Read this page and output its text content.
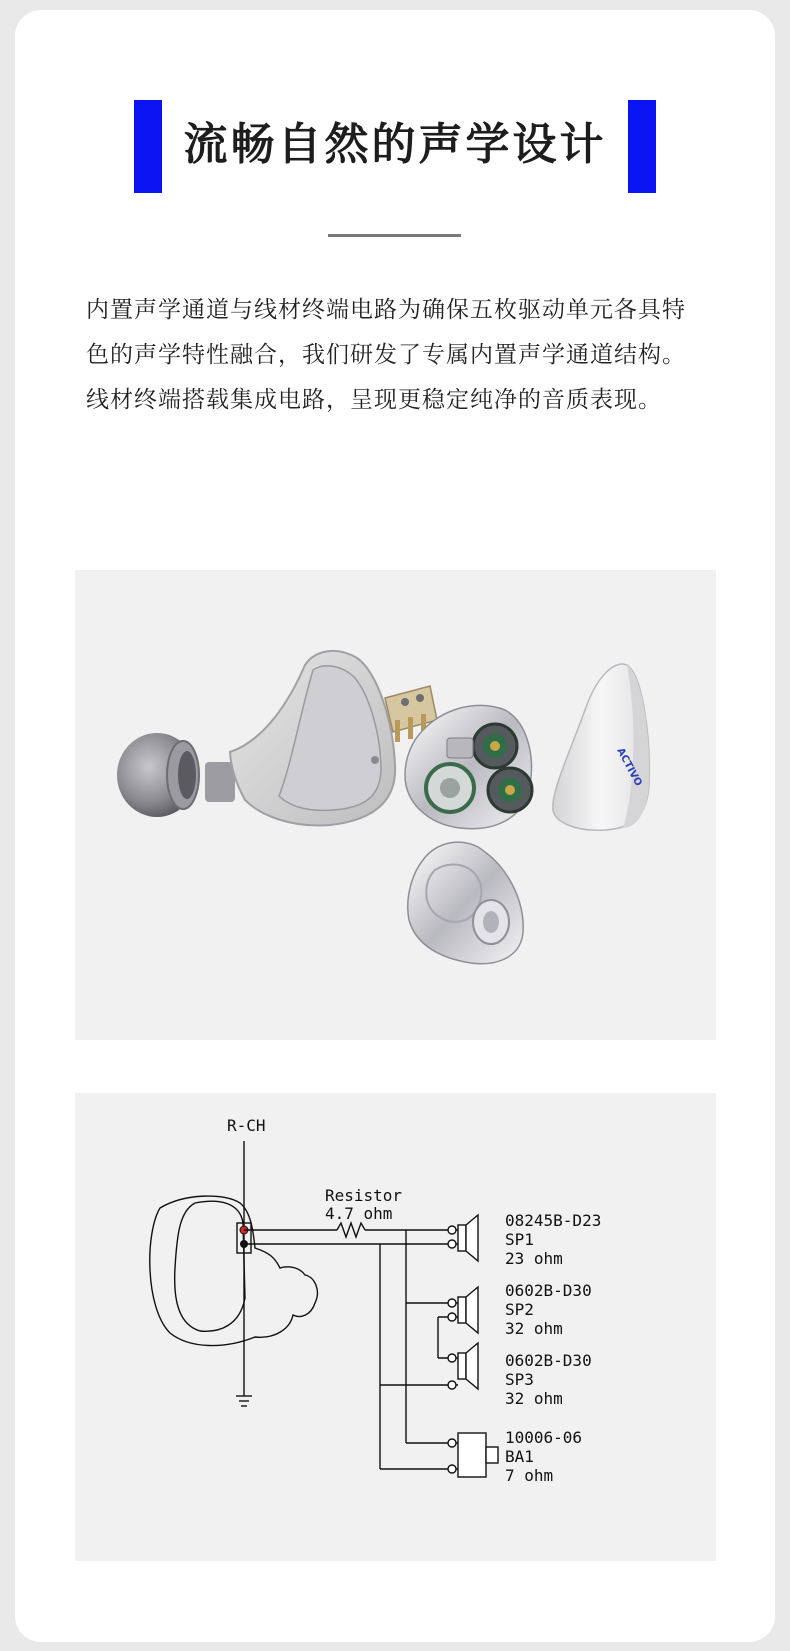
流畅自然的声学设计

内置声学通道与线材终端电路为确保五枚驱动单元各具特色的声学特性融合，我们研发了专属内置声学通道结构。线材终端搭载集成电路，呈现更稳定纯净的音质表现。

ACTIVO
R-CH
Resistor
4.7 ohm	08245B-D23
SP1
23 ohm
0602B-D30
SP2
32 ohm
0602B-D30
SP3
32 ohm
10006-06
BA1
7 ohm
